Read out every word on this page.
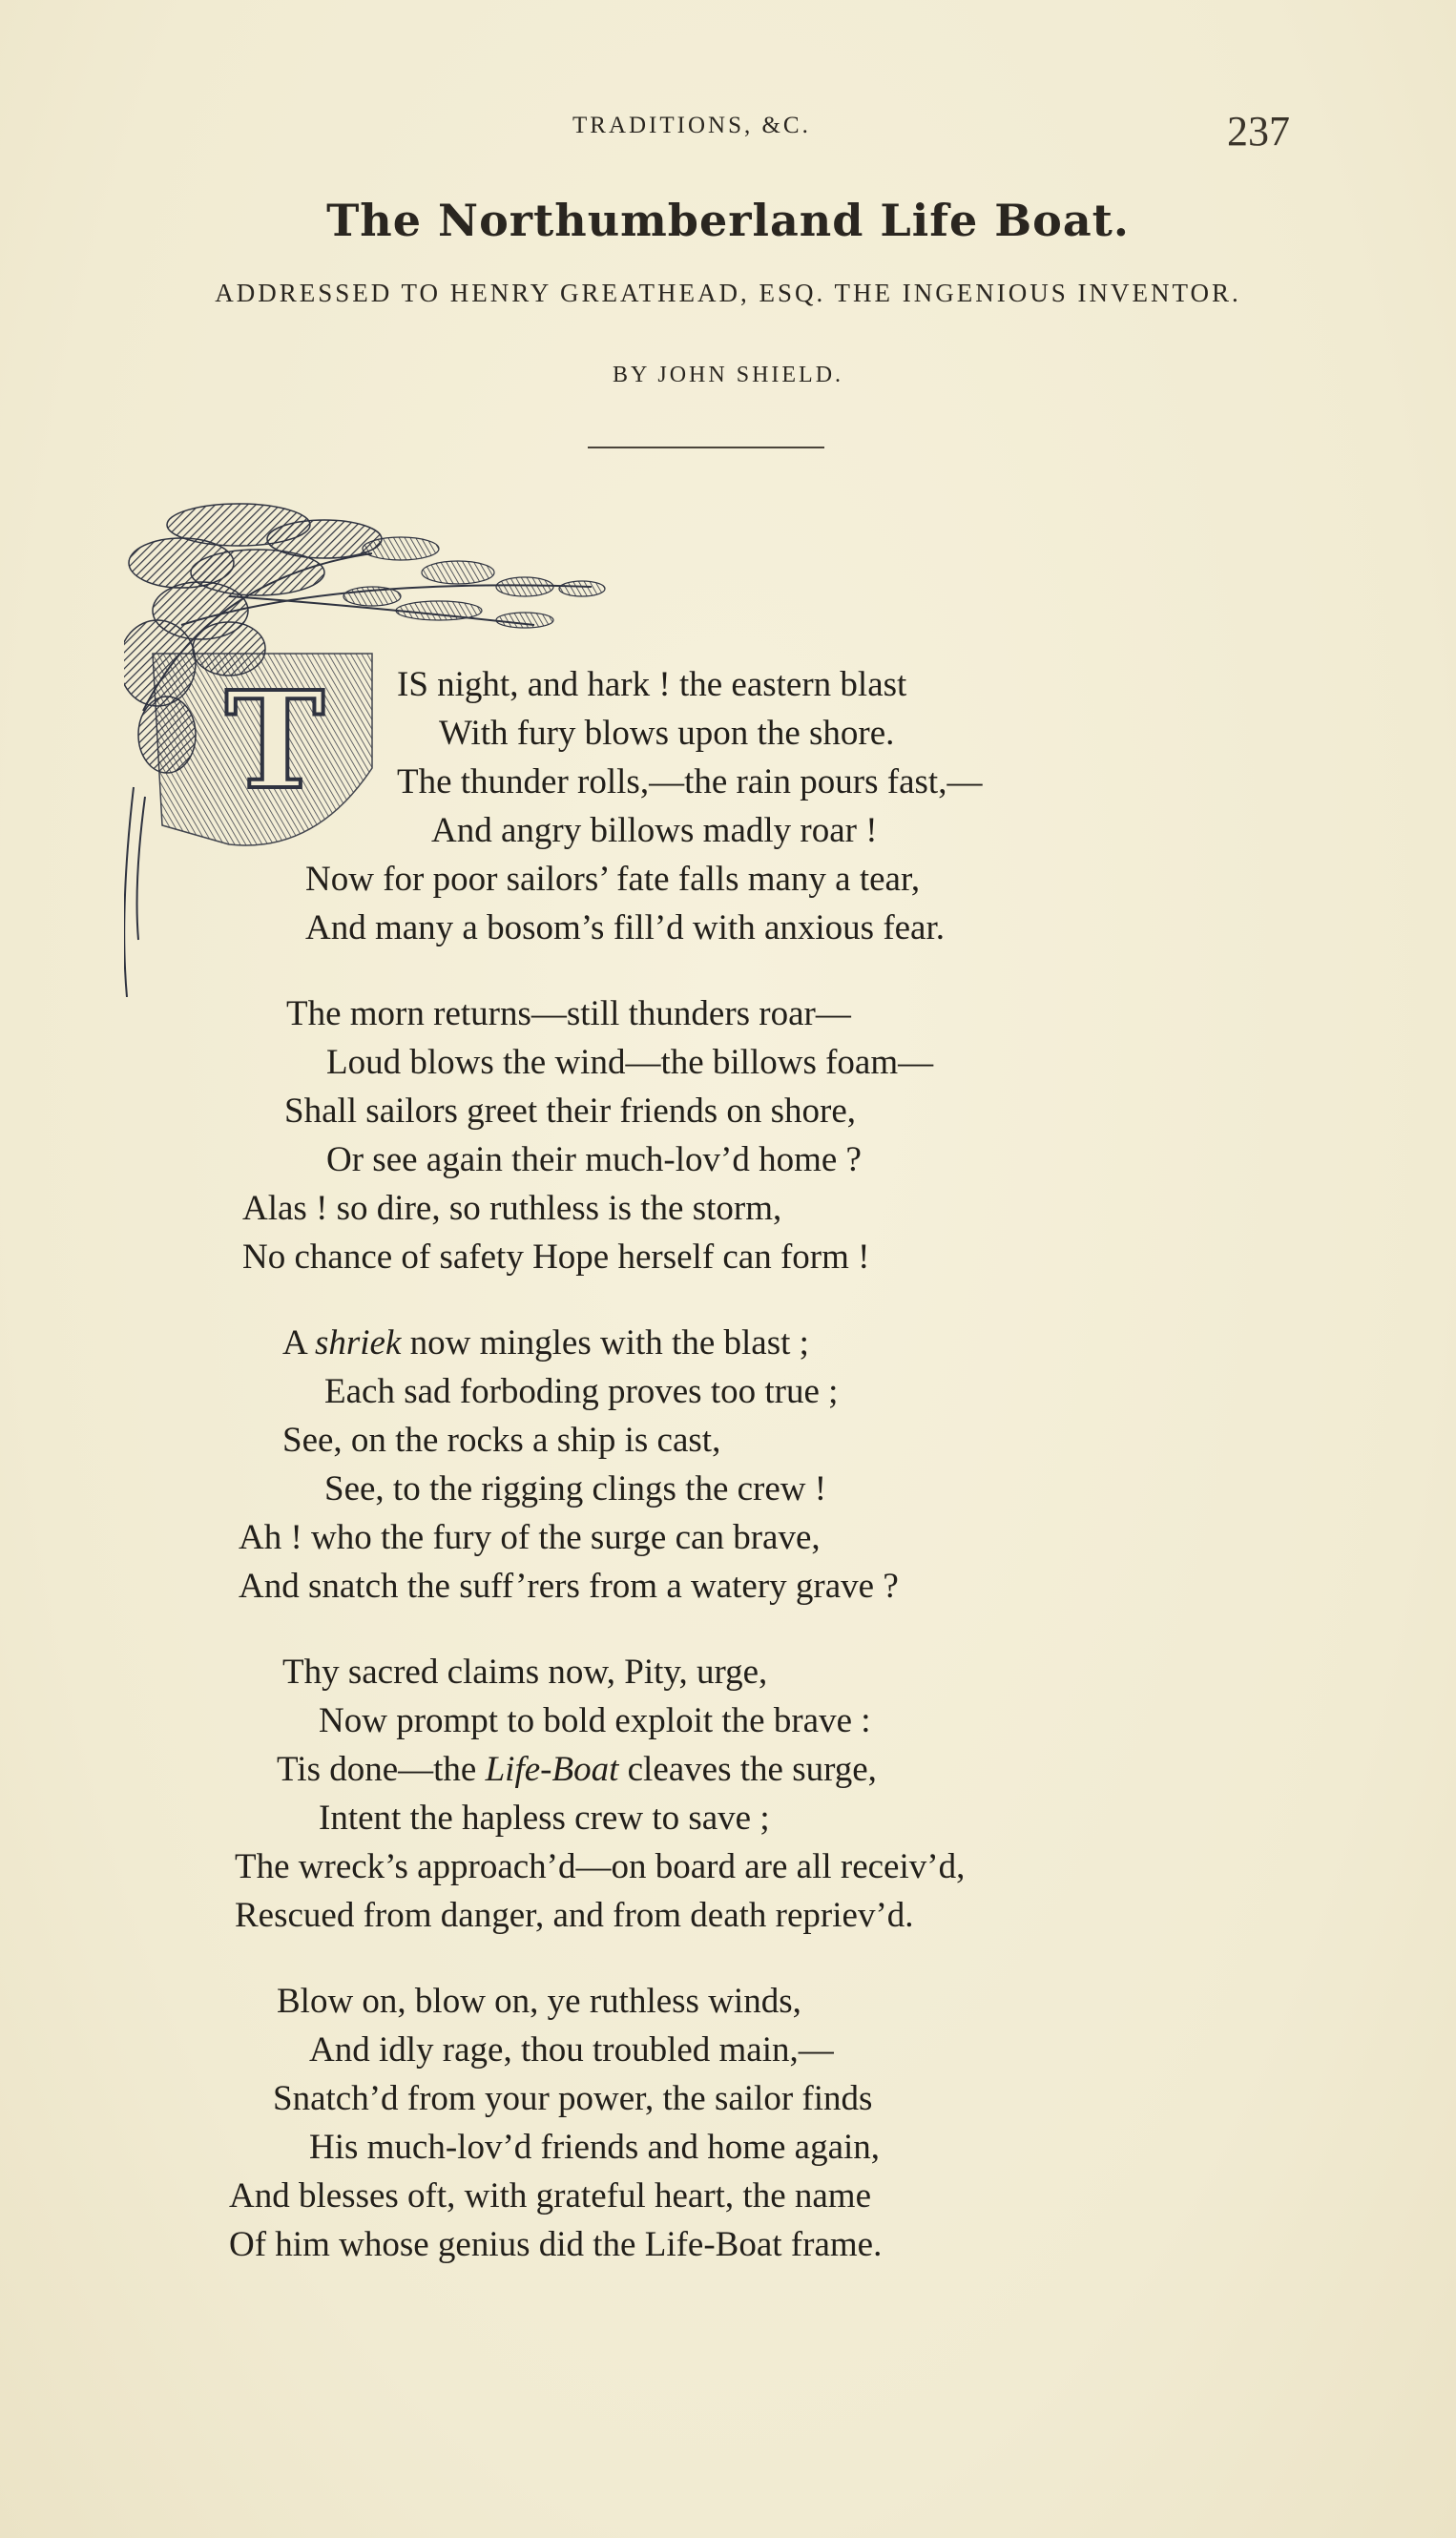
TRADITIONS, &C.	237
The Northumberland Life Boat.
ADDRESSED TO HENRY GREATHEAD, ESQ. THE INGENIOUS INVENTOR.
BY JOHN SHIELD.
T IS night, and hark ! the eastern blast
With fury blows upon the shore.
The thunder rolls,—the rain pours fast,—
And angry billows madly roar !
Now for poor sailors’ fate falls many a tear,
And many a bosom’s fill’d with anxious fear.
The morn returns—still thunders roar—
Loud blows the wind—the billows foam—
Shall sailors greet their friends on shore,
Or see again their much-lov’d home ?
Alas ! so dire, so ruthless is the storm,
No chance of safety Hope herself can form !
A shriek now mingles with the blast ;
Each sad forboding proves too true ;
See, on the rocks a ship is cast,
See, to the rigging clings the crew !
Ah ! who the fury of the surge can brave,
And snatch the suff’rers from a watery grave ?
Thy sacred claims now, Pity, urge,
Now prompt to bold exploit the brave :
Tis done—the Life-Boat cleaves the surge,
Intent the hapless crew to save ;
The wreck’s approach’d—on board are all receiv’d,
Rescued from danger, and from death repriev’d.
Blow on, blow on, ye ruthless winds,
And idly rage, thou troubled main,—
Snatch’d from your power, the sailor finds
His much-lov’d friends and home again,
And blesses oft, with grateful heart, the name
Of him whose genius did the Life-Boat frame.
